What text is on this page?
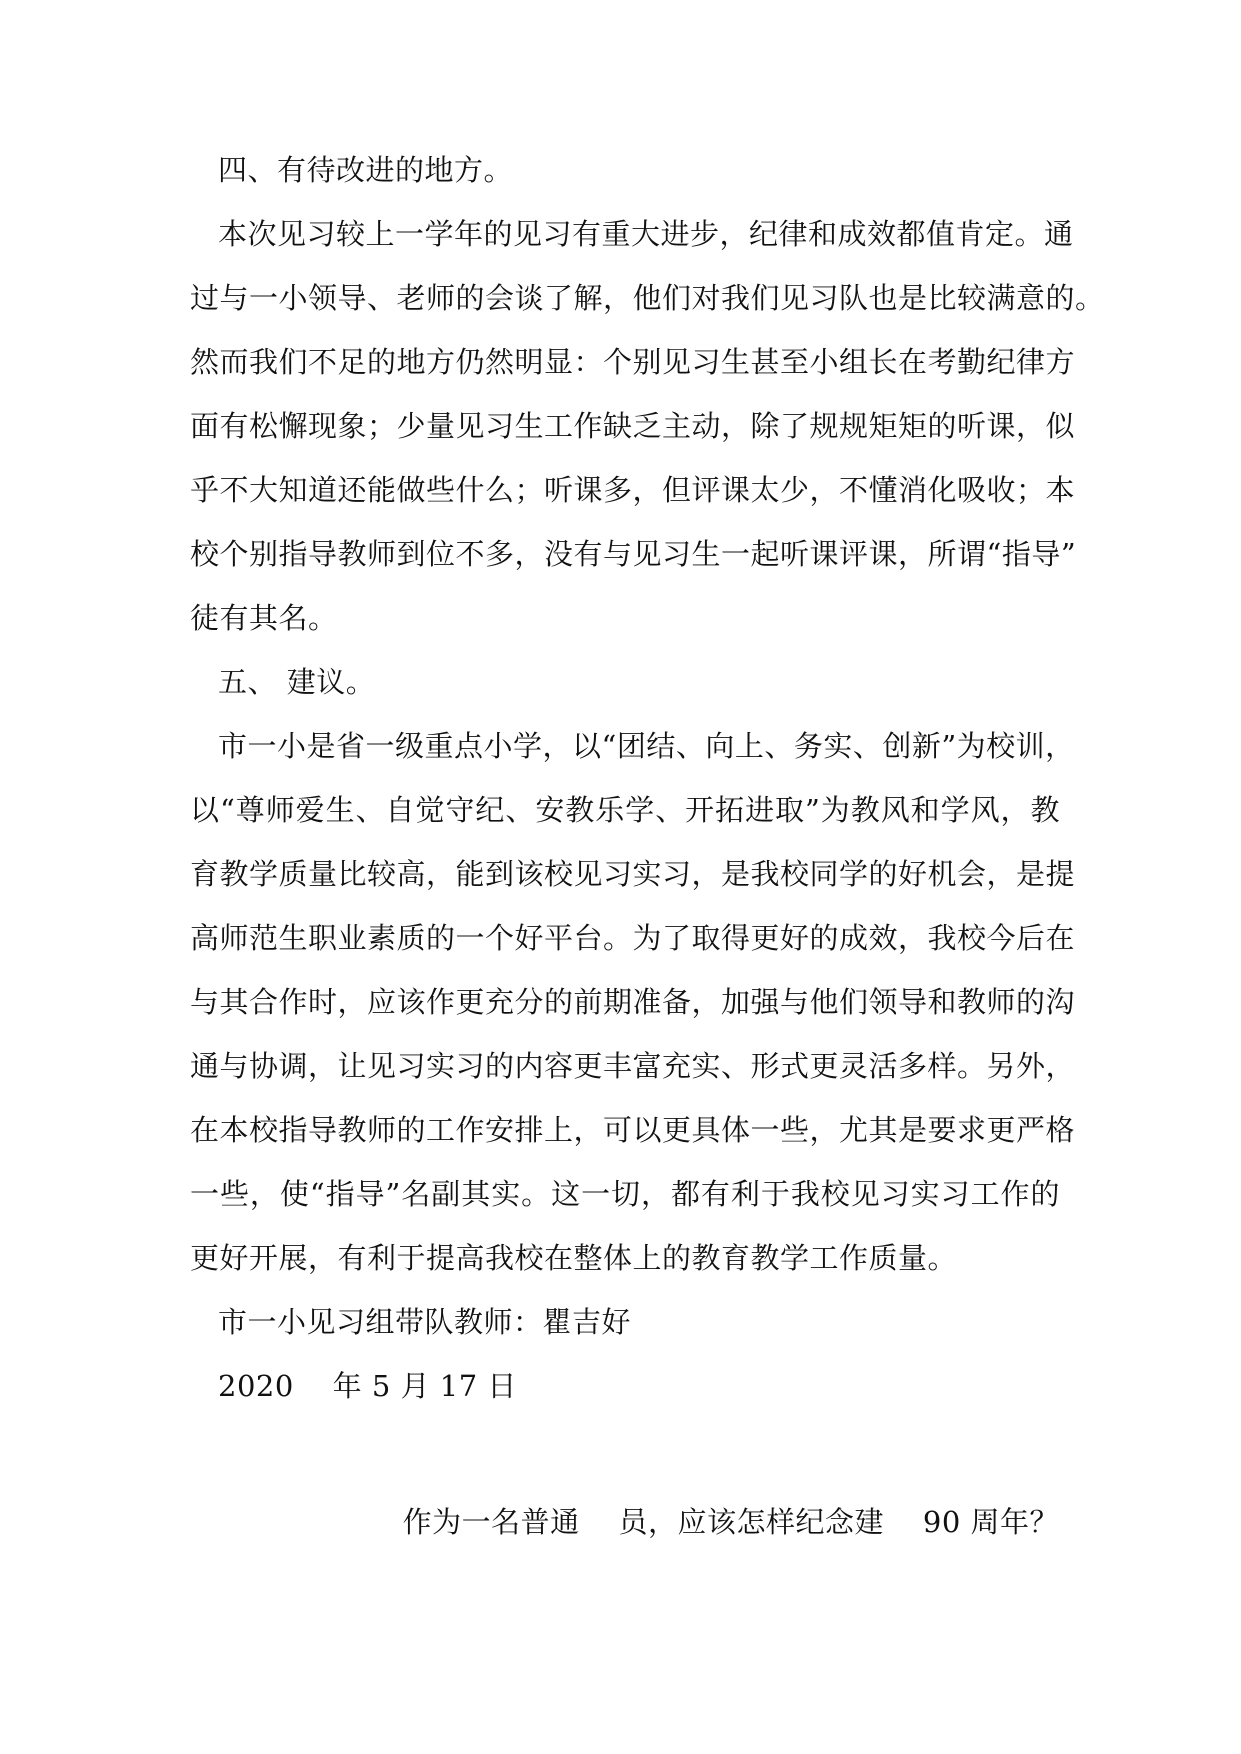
四、有待改进的地方。
本次见习较上一学年的见习有重大进步，纪律和成效都值肯定。通
过与一小领导、老师的会谈了解，他们对我们见习队也是比较满意的。
然而我们不足的地方仍然明显：个别见习生甚至小组长在考勤纪律方
面有松懈现象；少量见习生工作缺乏主动，除了规规矩矩的听课，似
乎不大知道还能做些什么；听课多，但评课太少，不懂消化吸收；本
校个别指导教师到位不多，没有与见习生一起听课评课，所谓“指导”
徒有其名。
五、 建议。
市一小是省一级重点小学，以“团结、向上、务实、创新”为校训，
以“尊师爱生、自觉守纪、安教乐学、开拓进取”为教风和学风，教
育教学质量比较高，能到该校见习实习，是我校同学的好机会，是提
高师范生职业素质的一个好平台。为了取得更好的成效，我校今后在
与其合作时，应该作更充分的前期准备，加强与他们领导和教师的沟
通与协调，让见习实习的内容更丰富充实、形式更灵活多样。另外，
在本校指导教师的工作安排上，可以更具体一些，尤其是要求更严格
一些，使“指导”名副其实。这一切，都有利于我校见习实习工作的
更好开展，有利于提高我校在整体上的教育教学工作质量。
市一小见习组带队教师：瞿吉好
2020    年 5 月 17 日
作为一名普通    员，应该怎样纪念建    90 周年？
